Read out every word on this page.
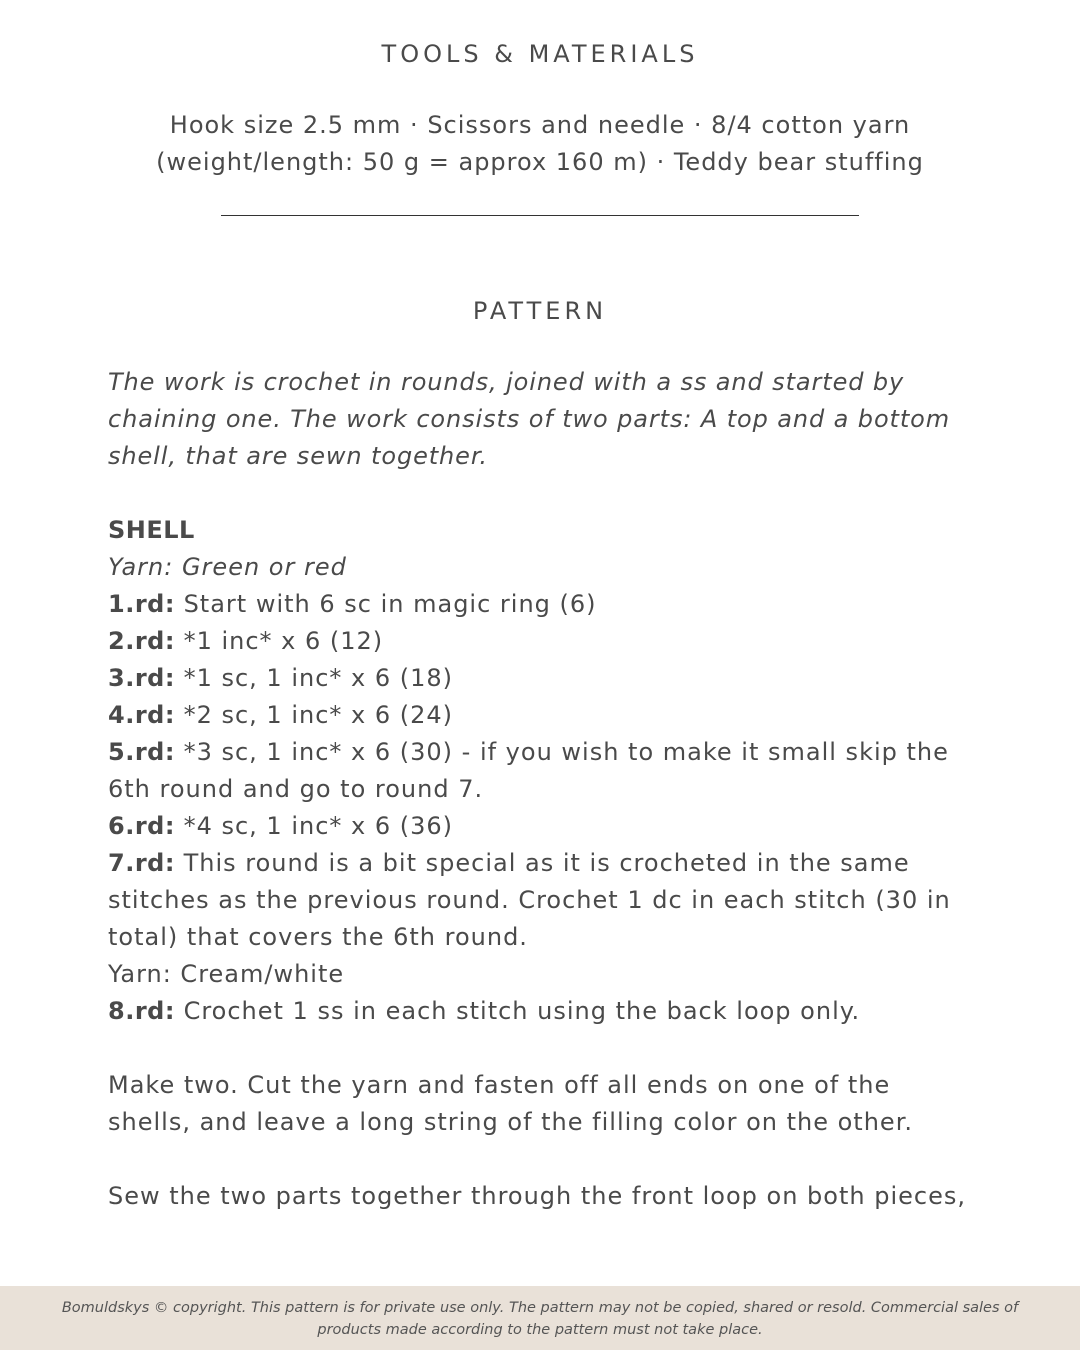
TOOLS & MATERIALS
Hook size 2.5 mm · Scissors and needle · 8/4 cotton yarn
(weight/length: 50 g = approx 160 m) · Teddy bear stuffing
PATTERN
The work is crochet in rounds, joined with a ss and started by chaining one. The work consists of two parts: A top and a bottom shell, that are sewn together.
SHELL
Yarn: Green or red
1.rd: Start with 6 sc in magic ring (6)
2.rd: *1 inc* x 6 (12)
3.rd: *1 sc, 1 inc* x 6 (18)
4.rd: *2 sc, 1 inc* x 6 (24)
5.rd: *3 sc, 1 inc* x 6 (30) - if you wish to make it small skip the 6th round and go to round 7.
6.rd: *4 sc, 1 inc* x 6 (36)
7.rd: This round is a bit special as it is crocheted in the same stitches as the previous round. Crochet 1 dc in each stitch (30 in total) that covers the 6th round.
Yarn: Cream/white
8.rd: Crochet 1 ss in each stitch using the back loop only.
Make two. Cut the yarn and fasten off all ends on one of the shells, and leave a long string of the filling color on the other.
Sew the two parts together through the front loop on both pieces,
Bomuldskys © copyright. This pattern is for private use only. The pattern may not be copied, shared or resold. Commercial sales of products made according to the pattern must not take place.
